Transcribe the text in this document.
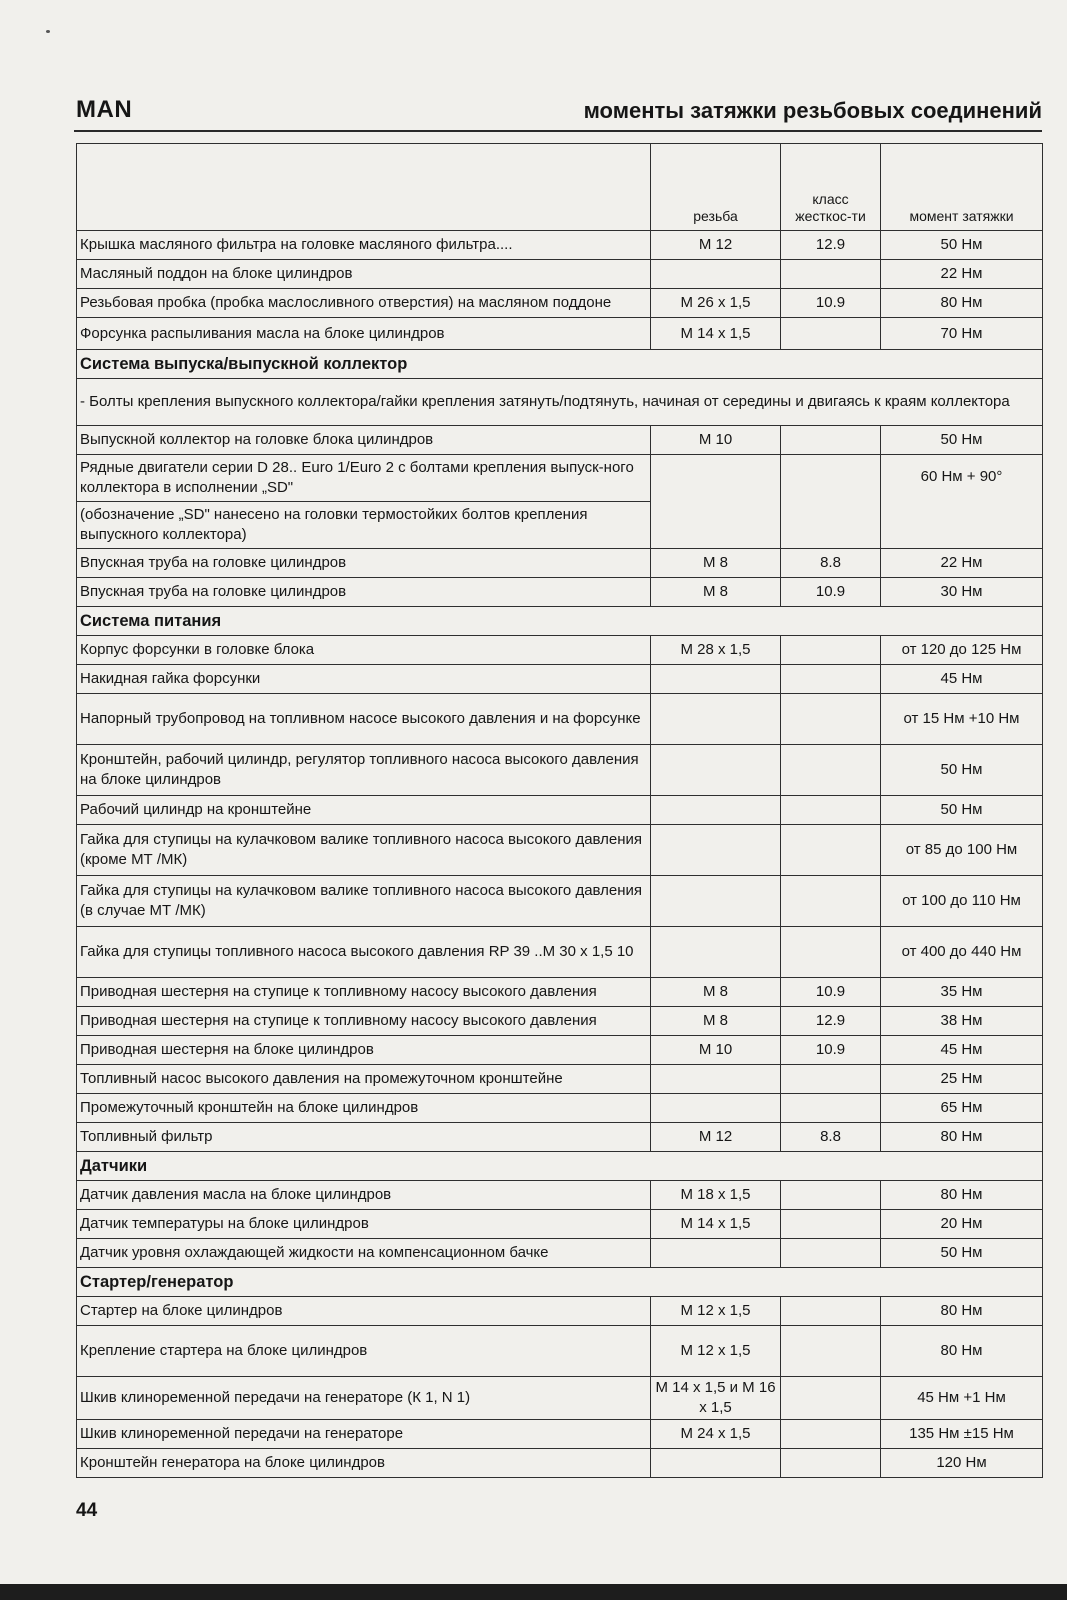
MAN	моменты затяжки резьбовых соединений
	резьба	класс жесткос-ти	момент затяжки
Крышка масляного фильтра на головке масляного фильтра....	М 12	12.9	50 Нм
Масляный поддон на блоке цилиндров			22 Нм
Резьбовая пробка (пробка маслосливного отверстия) на масляном поддоне	М 26 х 1,5	10.9	80 Нм
Форсунка распыливания масла на блоке цилиндров	М 14 х 1,5		70 Нм
Система выпуска/выпускной коллектор			
- Болты крепления выпускного коллектора/гайки крепления затянуть/подтянуть, начиная от середины и двигаясь к краям коллектора			
Выпускной коллектор на головке блока цилиндров	М 10		50 Нм
Рядные двигатели серии D 28.. Euro 1/Euro 2 с болтами крепления выпуск-ного коллектора в исполнении „SD"			60 Нм + 90°
(обозначение „SD" нанесено на головки термостойких болтов крепления выпускного коллектора)			
Впускная труба на головке цилиндров	М 8	8.8	22 Нм
Впускная труба на головке цилиндров	М 8	10.9	30 Нм
Система питания			
Корпус форсунки в головке блока	М 28 х 1,5		от 120 до 125 Нм
Накидная гайка форсунки			45 Нм
Напорный трубопровод на топливном насосе высокого давления и на форсунке			от 15 Нм +10 Нм
Кронштейн, рабочий цилиндр, регулятор топливного насоса высокого давления на блоке цилиндров			50 Нм
Рабочий цилиндр на кронштейне			50 Нм
Гайка для ступицы на кулачковом валике топливного насоса высокого давления (кроме МТ /МК)			от 85 до 100 Нм
Гайка для ступицы на кулачковом валике топливного насоса высокого давления (в случае МТ /МК)			от 100 до 110 Нм
Гайка для ступицы топливного насоса высокого давления RP 39 ..М 30 х 1,5 10			от 400 до 440 Нм
Приводная шестерня на ступице к топливному насосу высокого давления	М 8	10.9	35 Нм
Приводная шестерня на ступице к топливному насосу высокого давления	М 8	12.9	38 Нм
Приводная шестерня на блоке цилиндров	М 10	10.9	45 Нм
Топливный насос высокого давления на промежуточном кронштейне			25 Нм
Промежуточный кронштейн на блоке цилиндров			65 Нм
Топливный фильтр	М 12	8.8	80 Нм
Датчики			
Датчик давления масла на блоке цилиндров	М 18 х 1,5		80 Нм
Датчик температуры на блоке цилиндров	М 14 х 1,5		20 Нм
Датчик уровня охлаждающей жидкости на компенсационном бачке			50 Нм
Стартер/генератор			
Стартер на блоке цилиндров	М 12 х 1,5		80 Нм
Крепление стартера на блоке цилиндров	М 12 х 1,5		80 Нм
Шкив клиноременной передачи на генераторе (К 1, N 1)	М 14 х 1,5 и М 16 х 1,5		45 Нм +1 Нм
Шкив клиноременной передачи на генераторе	М 24 х 1,5		135 Нм ±15 Нм
Кронштейн генератора на блоке цилиндров			120 Нм
44
